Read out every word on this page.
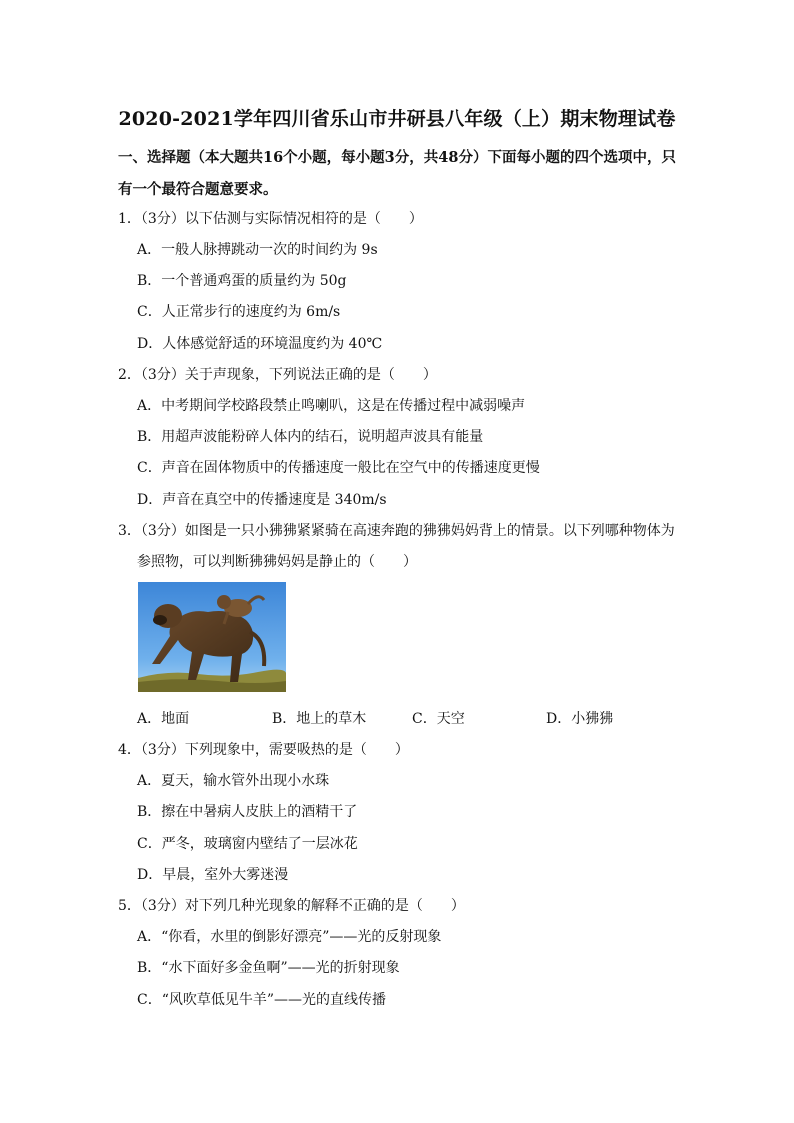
2020-2021学年四川省乐山市井研县八年级（上）期末物理试卷
一、选择题（本大题共16个小题，每小题3分，共48分）下面每小题的四个选项中，只
有一个最符合题意要求。
1．（3分）以下估测与实际情况相符的是（　　）
A．一般人脉搏跳动一次的时间约为 9s
B．一个普通鸡蛋的质量约为 50g
C．人正常步行的速度约为 6m/s
D．人体感觉舒适的环境温度约为 40℃
2．（3分）关于声现象，下列说法正确的是（　　）
A．中考期间学校路段禁止鸣喇叭，这是在传播过程中减弱噪声
B．用超声波能粉碎人体内的结石，说明超声波具有能量
C．声音在固体物质中的传播速度一般比在空气中的传播速度更慢
D．声音在真空中的传播速度是 340m/s
3．（3分）如图是一只小狒狒紧紧骑在高速奔跑的狒狒妈妈背上的情景。以下列哪种物体为
参照物，可以判断狒狒妈妈是静止的（　　）
A．地面	B．地上的草木	C．天空	D．小狒狒
4．（3分）下列现象中，需要吸热的是（　　）
A．夏天，输水管外出现小水珠
B．擦在中暑病人皮肤上的酒精干了
C．严冬，玻璃窗内壁结了一层冰花
D．早晨，室外大雾迷漫
5．（3分）对下列几种光现象的解释不正确的是（　　）
A．“你看，水里的倒影好漂亮”——光的反射现象
B．“水下面好多金鱼啊”——光的折射现象
C．“风吹草低见牛羊”——光的直线传播
